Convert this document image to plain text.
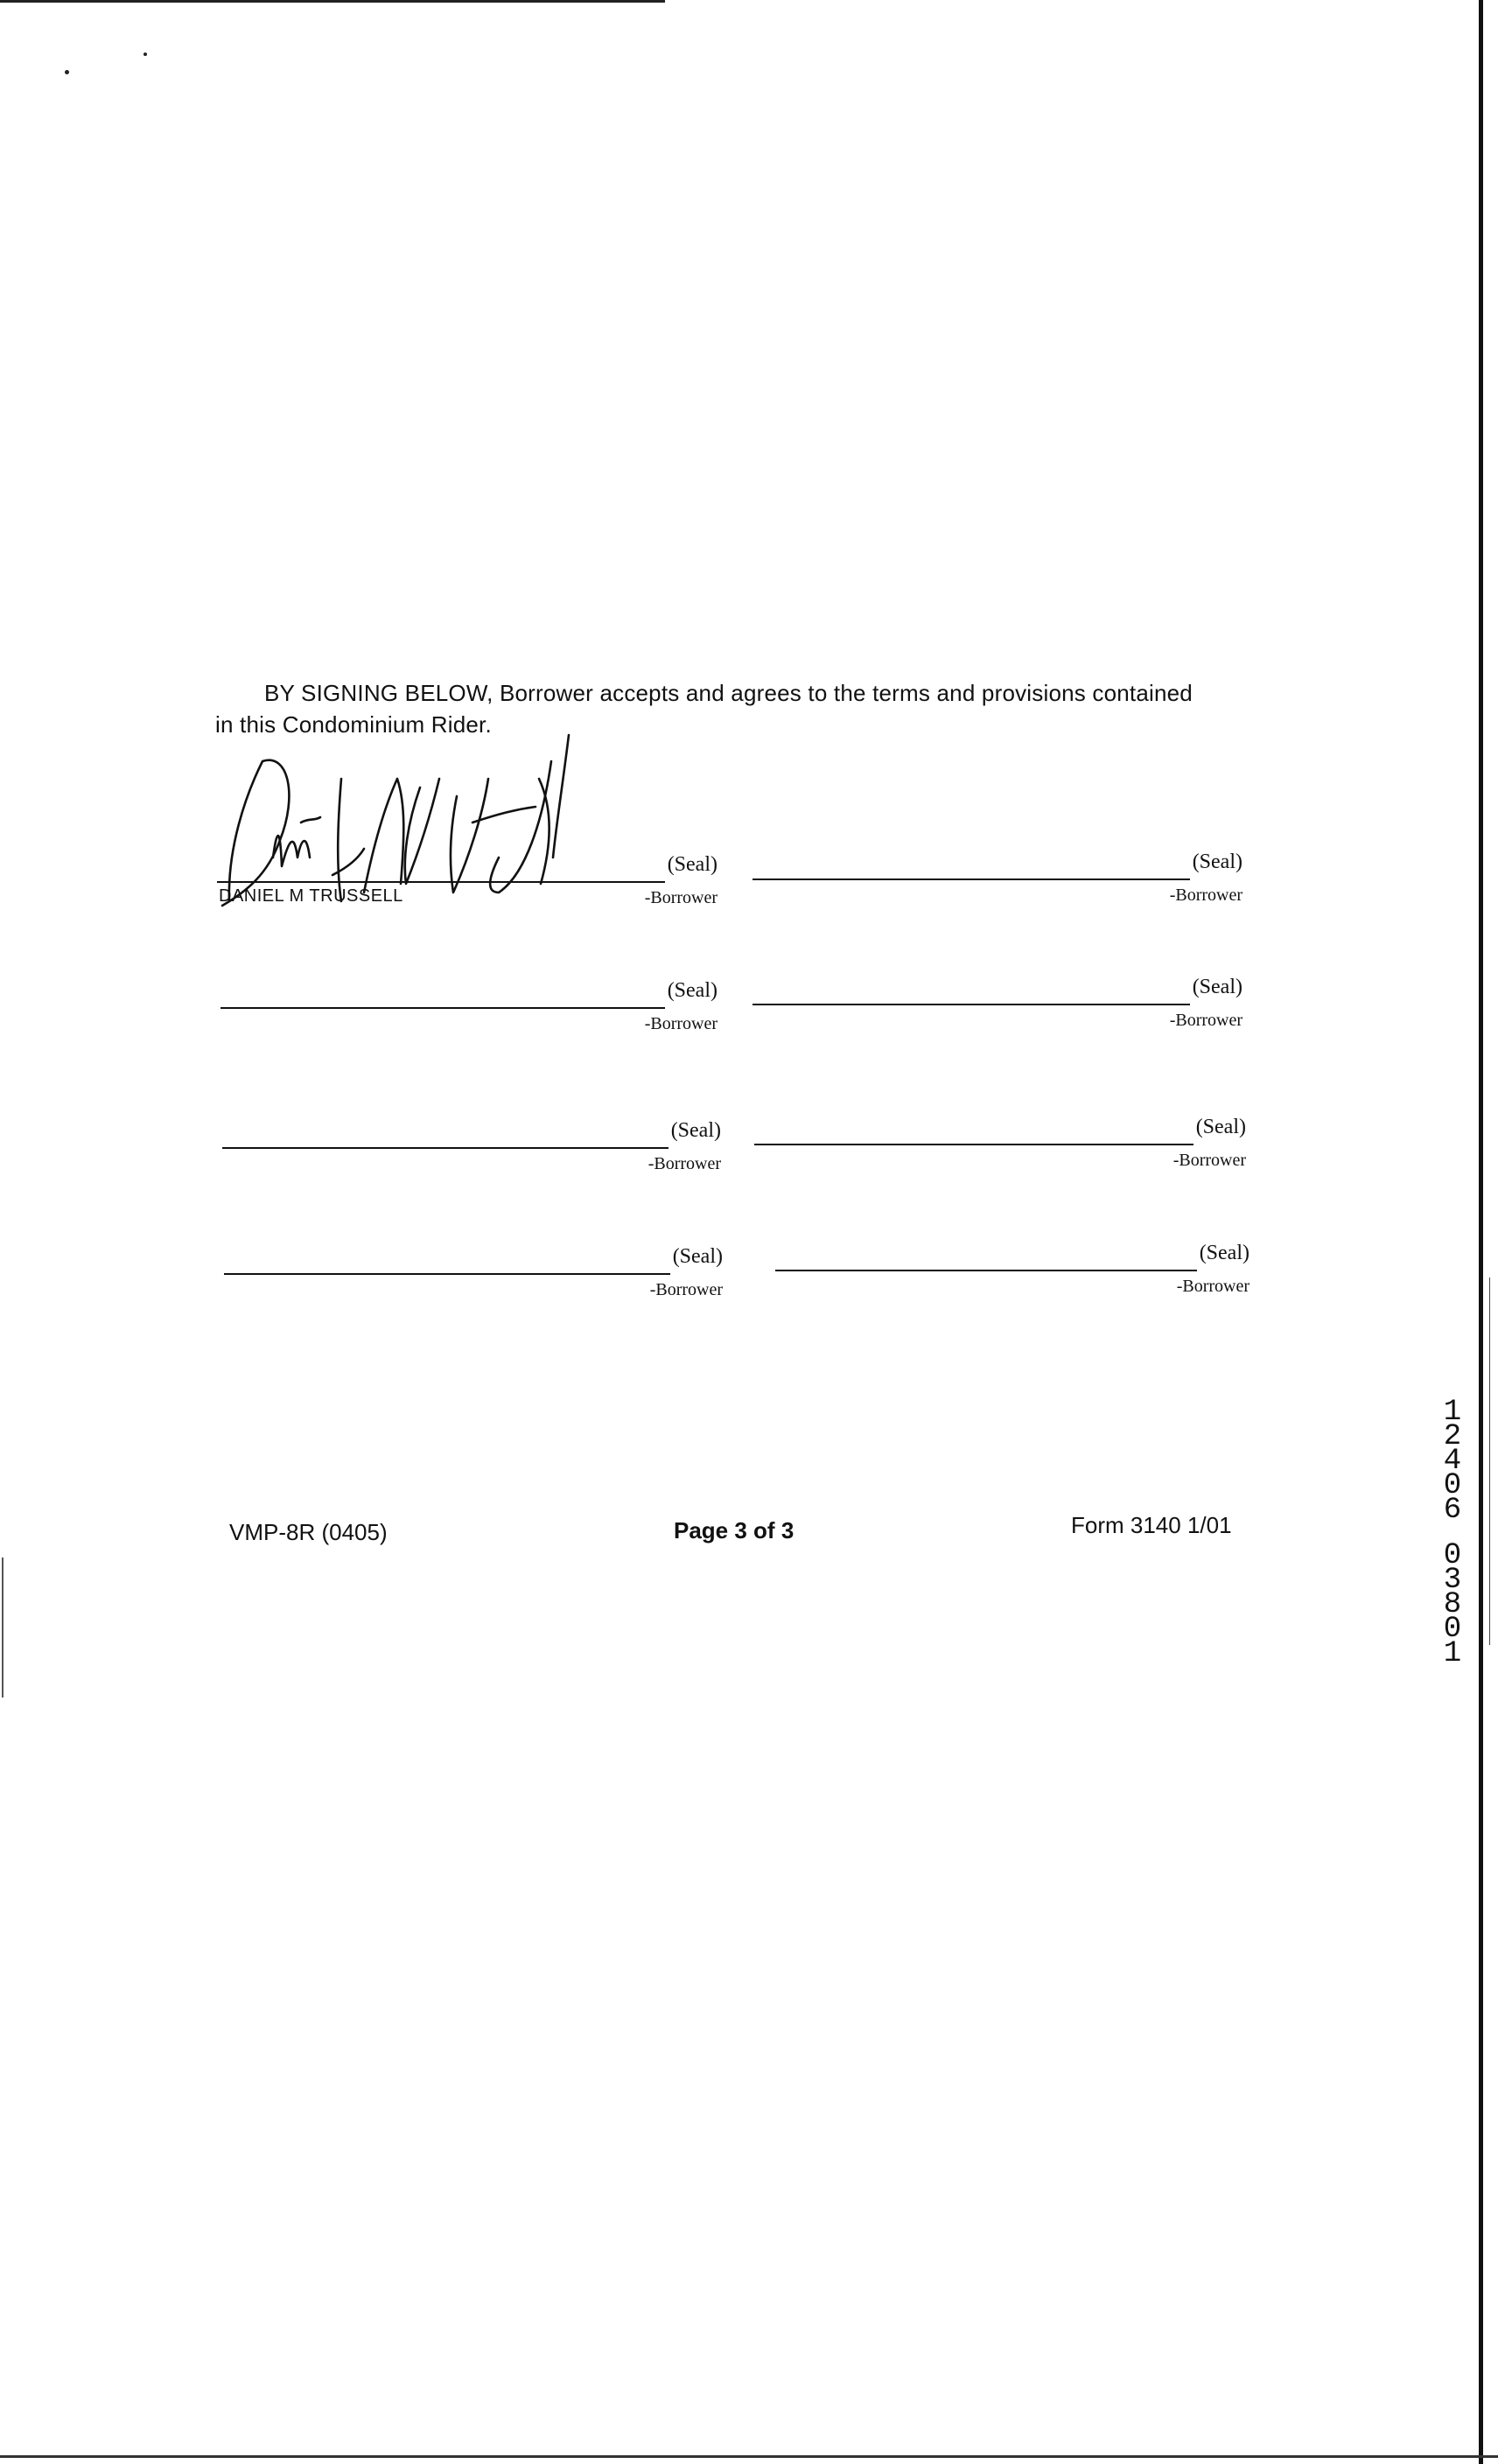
BY SIGNING BELOW, Borrower accepts and agrees to the terms and provisions contained
in this Condominium Rider.
(Seal)
-Borrower
DANIEL M TRUSSELL
(Seal)
-Borrower
(Seal)
-Borrower
(Seal)
-Borrower
(Seal)
-Borrower
(Seal)
-Borrower
(Seal)
-Borrower
(Seal)
-Borrower
VMP-8R (0405)	Page 3 of 3	Form 3140 1/01
1
2
4
0
6
0
3
8
0
1
